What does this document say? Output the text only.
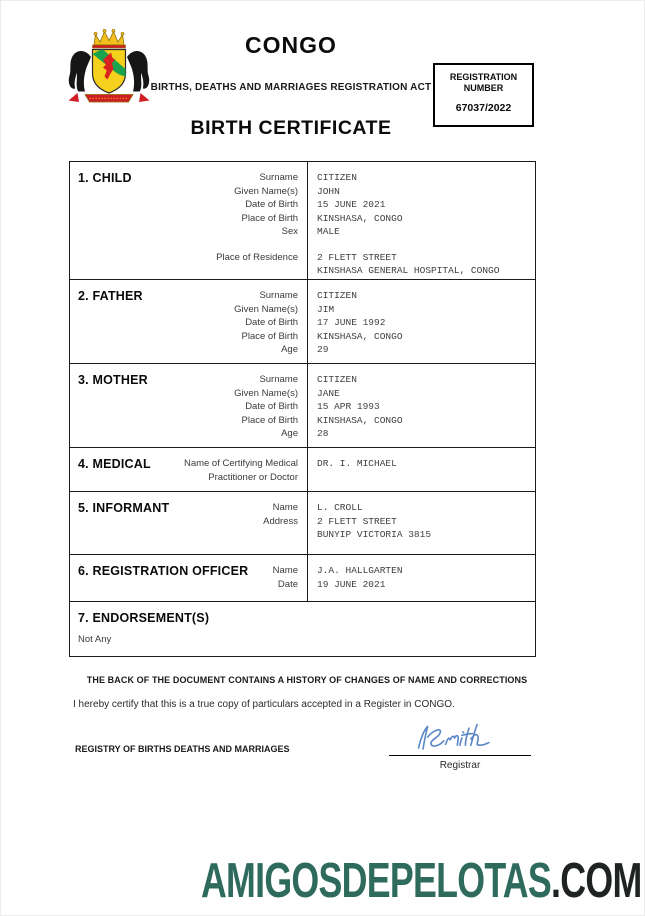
CONGO
BIRTHS, DEATHS AND MARRIAGES REGISTRATION ACT
REGISTRATION
NUMBER
67037/2022
BIRTH CERTIFICATE
1. CHILD	Surname CITIZEN
Given Name(s) JOHN
Date of Birth 15 JUNE 2021
Place of Birth KINSHASA, CONGO
Sex MALE
Place of Residence 2 FLETT STREET
KINSHASA GENERAL HOSPITAL, CONGO
2. FATHER	Surname CITIZEN
Given Name(s) JIM
Date of Birth 17 JUNE 1992
Place of Birth KINSHASA, CONGO
Age 29
3. MOTHER	Surname CITIZEN
Given Name(s) JANE
Date of Birth 15 APR 1993
Place of Birth KINSHASA, CONGO
Age 28
4. MEDICAL	Name of Certifying Medical
Practitioner or Doctor
DR. I. MICHAEL
5. INFORMANT	Name L. CROLL
Address 2 FLETT STREET
BUNYIP VICTORIA 3815
6. REGISTRATION OFFICER	Name J.A. HALLGARTEN
Date 19 JUNE 2021
7. ENDORSEMENT(S)
Not Any
THE BACK OF THE DOCUMENT CONTAINS A HISTORY OF CHANGES OF NAME AND CORRECTIONS
I hereby certify that this is a true copy of particulars accepted in a Register in CONGO.
REGISTRY OF BIRTHS DEATHS AND MARRIAGES
Registrar
AMIGOSDEPELOTAS.COM
